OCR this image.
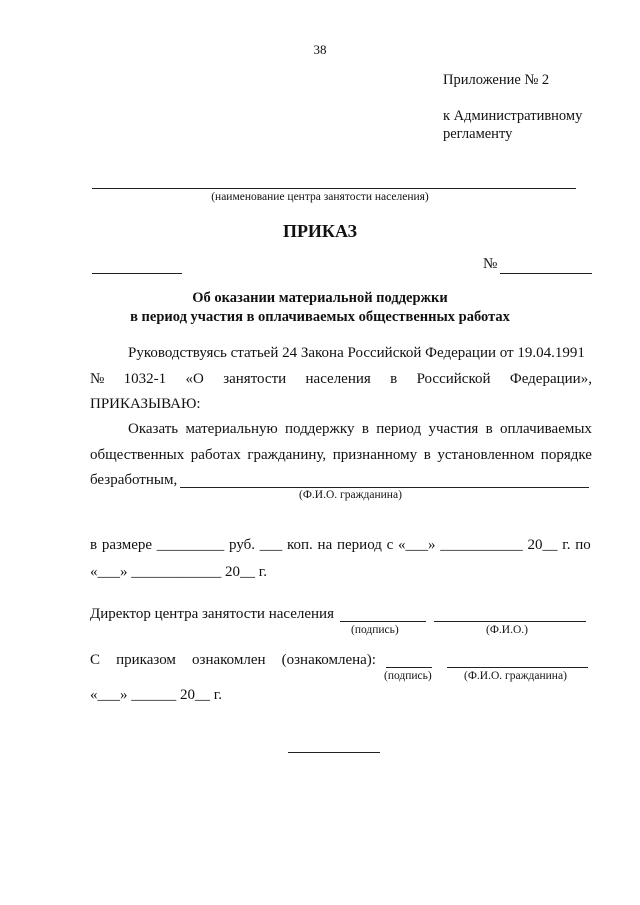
38
Приложение № 2
к Административному
регламенту
(наименование центра занятости населения)
ПРИКАЗ
№
Об оказании материальной поддержки
в период участия в оплачиваемых общественных работах
Руководствуясь статьей 24 Закона Российской Федерации от 19.04.1991
№ 1032-1 «О занятости населения в Российской Федерации»,
ПРИКАЗЫВАЮ:
Оказать материальную поддержку в период участия в оплачиваемых
общественных работах гражданину, признанному в установленном порядке
безработным,
(Ф.И.О. гражданина)
в размере _________ руб. ___ коп. на период с «___» ___________ 20__ г. по
«___» ____________ 20__ г.
Директор центра занятости населения
(подпись)	(Ф.И.О.)
С приказом ознакомлен (ознакомлена):
(подпись)	(Ф.И.О. гражданина)
«___» ______ 20__ г.
